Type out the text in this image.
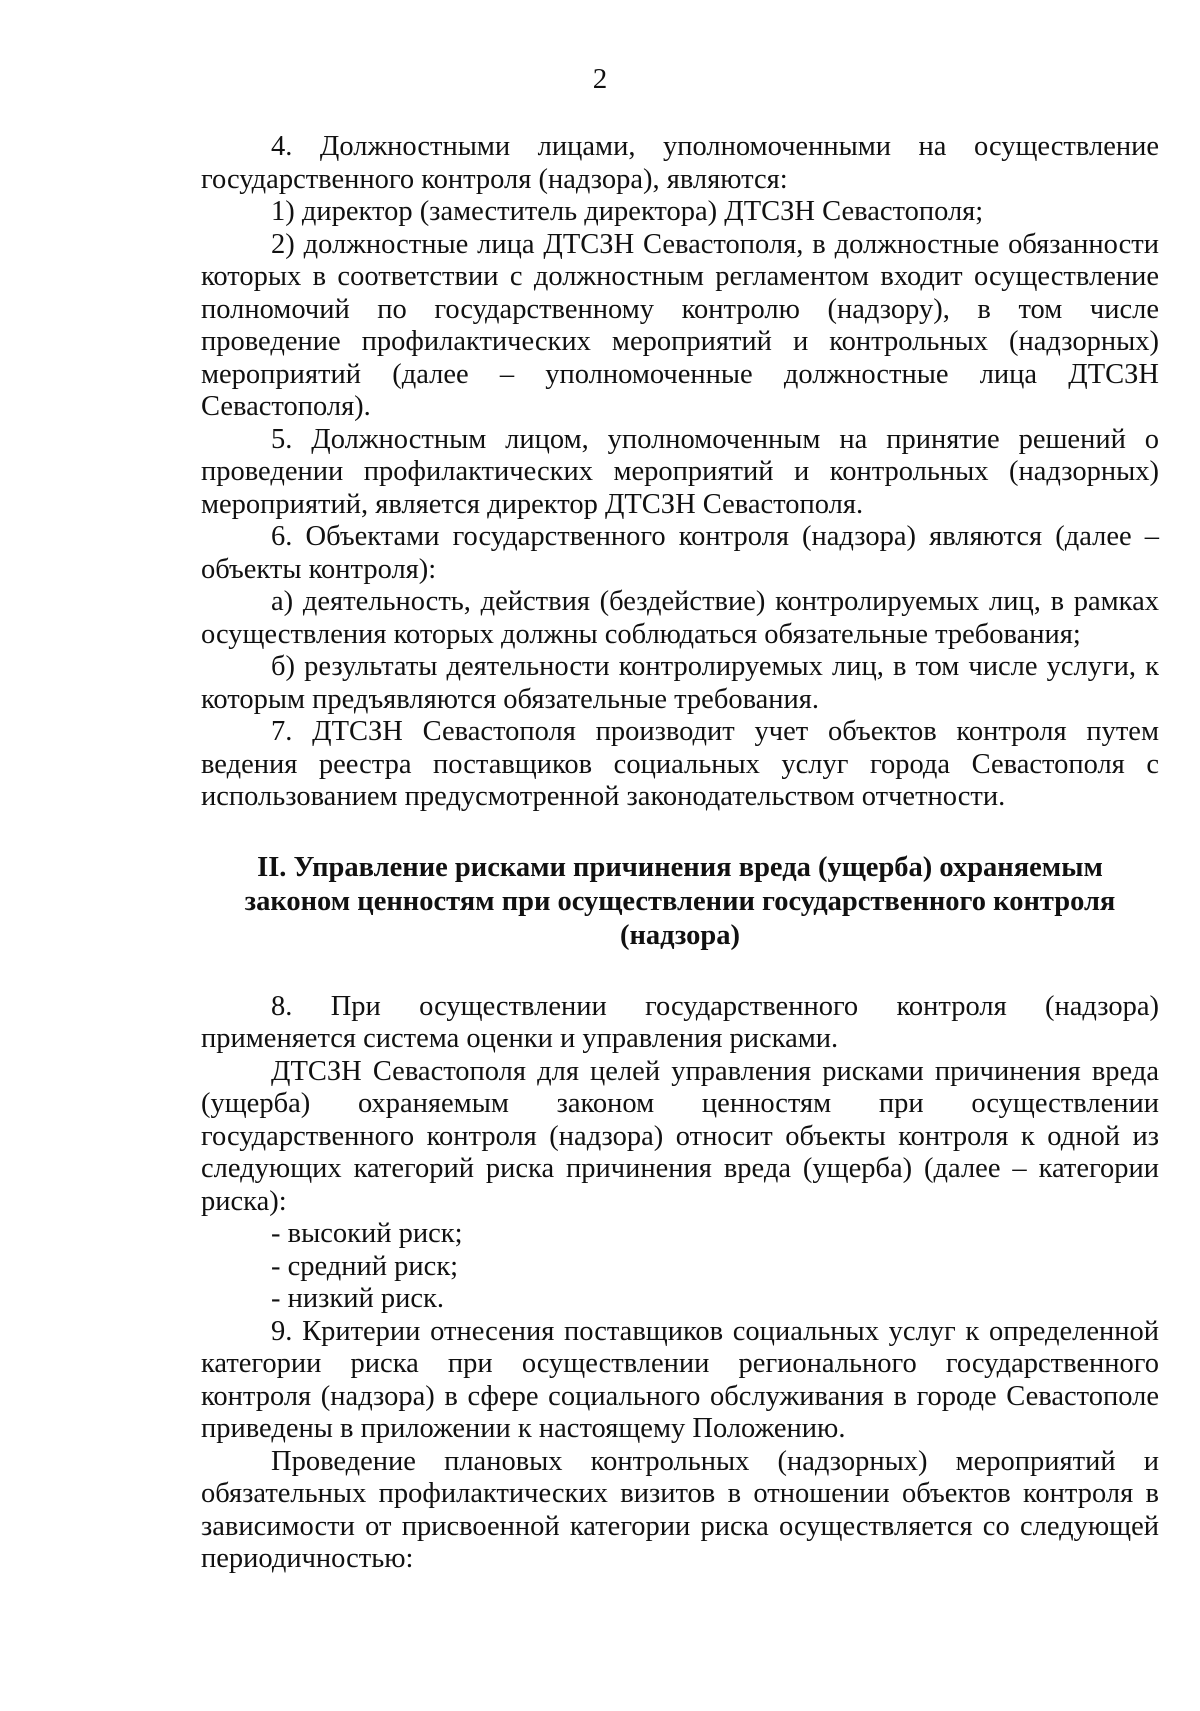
2

4. Должностными лицами, уполномоченными на осуществление государственного контроля (надзора), являются:

1) директор (заместитель директора) ДТСЗН Севастополя;

2) должностные лица ДТСЗН Севастополя, в должностные обязанности которых в соответствии с должностным регламентом входит осуществление полномочий по государственному контролю (надзору), в том числе проведение профилактических мероприятий и контрольных (надзорных) мероприятий (далее – уполномоченные должностные лица ДТСЗН Севастополя).

5. Должностным лицом, уполномоченным на принятие решений о проведении профилактических мероприятий и контрольных (надзорных) мероприятий, является директор ДТСЗН Севастополя.

6. Объектами государственного контроля (надзора) являются (далее – объекты контроля):

а) деятельность, действия (бездействие) контролируемых лиц, в рамках осуществления которых должны соблюдаться обязательные требования;

б) результаты деятельности контролируемых лиц, в том числе услуги, к которым предъявляются обязательные требования.

7. ДТСЗН Севастополя производит учет объектов контроля путем ведения реестра поставщиков социальных услуг города Севастополя с использованием предусмотренной законодательством отчетности.

II. Управление рисками причинения вреда (ущерба) охраняемым законом ценностям при осуществлении государственного контроля (надзора)

8. При осуществлении государственного контроля (надзора) применяется система оценки и управления рисками.

ДТСЗН Севастополя для целей управления рисками причинения вреда (ущерба) охраняемым законом ценностям при осуществлении государственного контроля (надзора) относит объекты контроля к одной из следующих категорий риска причинения вреда (ущерба) (далее – категории риска):

- высокий риск;

- средний риск;

- низкий риск.

9. Критерии отнесения поставщиков социальных услуг к определенной категории риска при осуществлении регионального государственного контроля (надзора) в сфере социального обслуживания в городе Севастополе приведены в приложении к настоящему Положению.

Проведение плановых контрольных (надзорных) мероприятий и обязательных профилактических визитов в отношении объектов контроля в зависимости от присвоенной категории риска осуществляется со следующей периодичностью:
